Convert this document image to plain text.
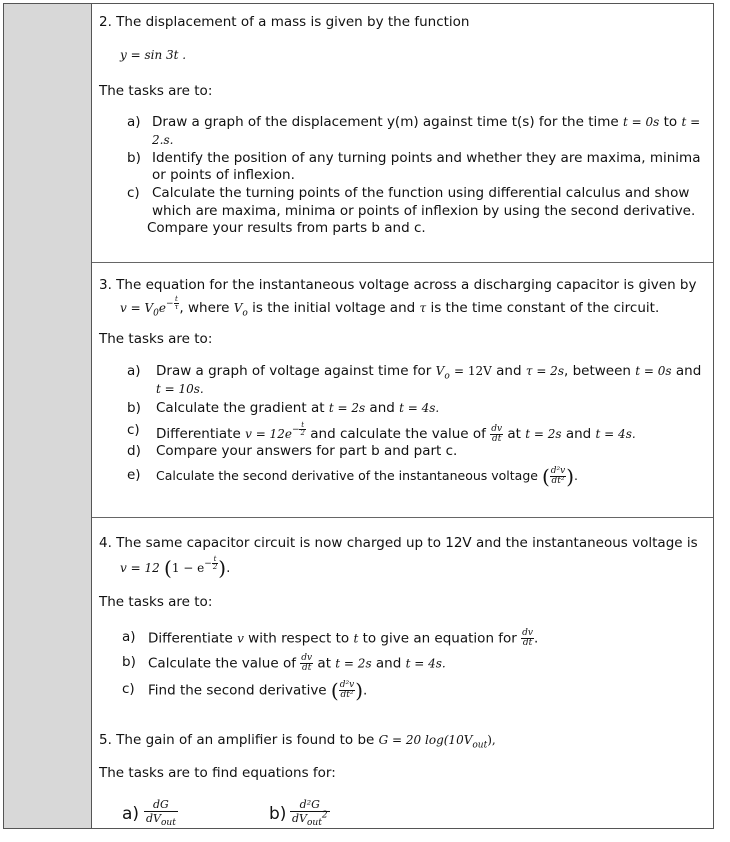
2. The displacement of a mass is given by the function
y = sin 3t .
The tasks are to:
a) Draw a graph of the displacement y(m) against time t(s) for the time t = 0s to t =
2.s.
b) Identify the position of any turning points and whether they are maxima, minima
or points of inflexion.
c) Calculate the turning points of the function using differential calculus and show
which are maxima, minima or points of inflexion by using the second derivative.
Compare your results from parts b and c.
3. The equation for the instantaneous voltage across a discharging capacitor is given by
$v = V_0e^{- \frac{t}{\tau}}$ , where $V_o$ is the initial voltage and τ is the time constant of the circuit.
The tasks are to:
a) Draw a graph of voltage against time for $V_o = 12V$ and τ = 2s, between t = 0s and
t = 10s.
b) Calculate the gradient at t = 2s and t = 4s.
c) Differentiate $v = 12e^{- \frac{t}{2}}$ and calculate the value of $\frac{dv}{dt}$ at t = 2s and t = 4s.
d) Compare your answers for part b and part c.
e) Calculate the second derivative of the instantaneous voltage ( $\frac{\text{d²v}}{\text{dt²}}$ ).
4. The same capacitor circuit is now charged up to 12V and the instantaneous voltage is
v = 12 ($1 - e^{- \frac{t}{2}}$ ).
The tasks are to:
a) Differentiate v with respect to t to give an equation for $\frac{dv}{dt}$ .
b) Calculate the value of $\frac{dv}{dt}$ at t = 2s and t = 4s.
c) Find the second derivative ( $\frac{\text{d²v}}{\text{dt²}}$ ).
5. The gain of an amplifier is found to be G = 20 $\log(10V_{out})$,
The tasks are to find equations for:
a)	dG
$dV_{out}$	b)	d²G
$dV_{out}^2$
